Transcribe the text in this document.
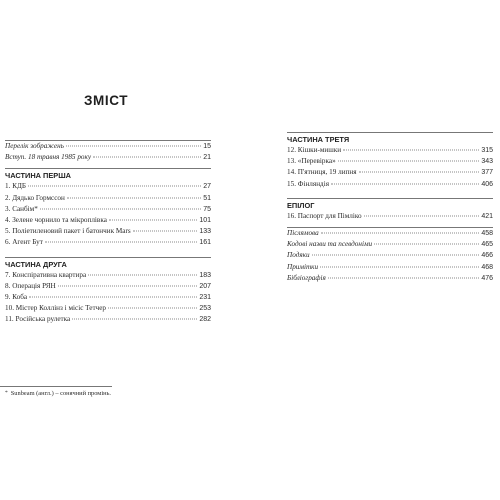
ЗМІСТ
Перелік зображень	15
Вступ. 18 травня 1985 року	21
ЧАСТИНА ПЕРША
1. КДБ	27
2. Дядько Гормссон	51
3. Санбім*	75
4. Зелене чорнило та мікроплівка	101
5. Поліетиленовий пакет і батончик Mars	133
6. Агент Бут	161
ЧАСТИНА ДРУГА
7. Конспіративна квартира	183
8. Операція РЯН	207
9. Коба	231
10. Містер Коллінз і місіс Тетчер	253
11. Російська рулетка	282
ЧАСТИНА ТРЕТЯ
12. Кішки-мишки	315
13. «Перевірка»	343
14. П'ятниця, 19 липня	377
15. Фінляндія	406
ЕПІЛОГ
16. Паспорт для Пімліко	421
Післямова	458
Кодові назви та псевдоніми	465
Подяки	466
Примітки	468
Бібліографія	476
* Sunbeam (англ.) – сонячний промінь.
